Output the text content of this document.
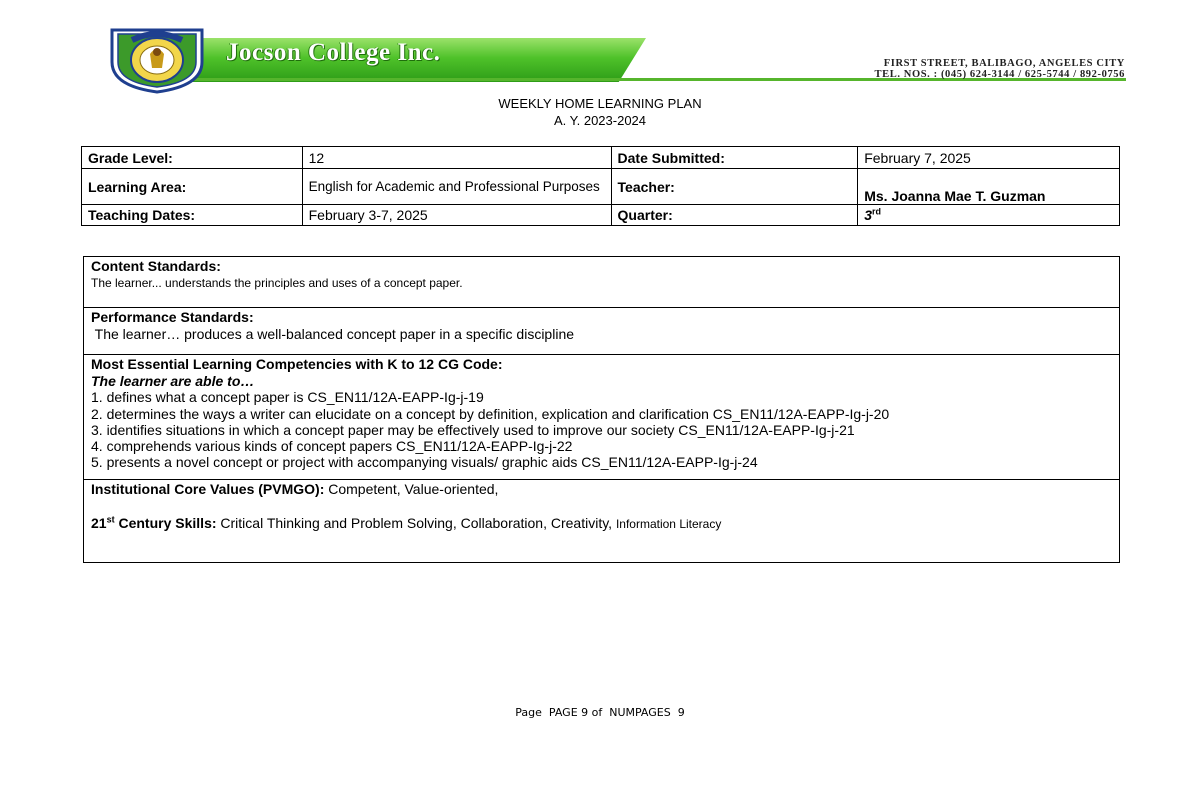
Jocson College Inc.	FIRST STREET, BALIBAGO, ANGELES CITY
TEL. NOS. : (045) 624-3144 / 625-5744 / 892-0756
WEEKLY HOME LEARNING PLAN
A. Y. 2023-2024
Grade Level:	12	Date Submitted:	February 7, 2025
Learning Area:	English for Academic and Professional Purposes	Teacher:	Ms. Joanna Mae T. Guzman
Teaching Dates:	February 3-7, 2025	Quarter:	3rd
Content Standards:
The learner... understands the principles and uses of a concept paper.

Performance Standards:
The learner… produces a well-balanced concept paper in a specific discipline

Most Essential Learning Competencies with K to 12 CG Code:
The learner are able to…
1. defines what a concept paper is CS_EN11/12A-EAPP-Ig-j-19
2. determines the ways a writer can elucidate on a concept by definition, explication and clarification CS_EN11/12A-EAPP-Ig-j-20
3. identifies situations in which a concept paper may be effectively used to improve our society CS_EN11/12A-EAPP-Ig-j-21
4. comprehends various kinds of concept papers CS_EN11/12A-EAPP-Ig-j-22
5. presents a novel concept or project with accompanying visuals/ graphic aids CS_EN11/12A-EAPP-Ig-j-24

Institutional Core Values (PVMGO): Competent, Value-oriented,
21st Century Skills: Critical Thinking and Problem Solving, Collaboration, Creativity, Information Literacy
Page  PAGE 9 of  NUMPAGES  9
